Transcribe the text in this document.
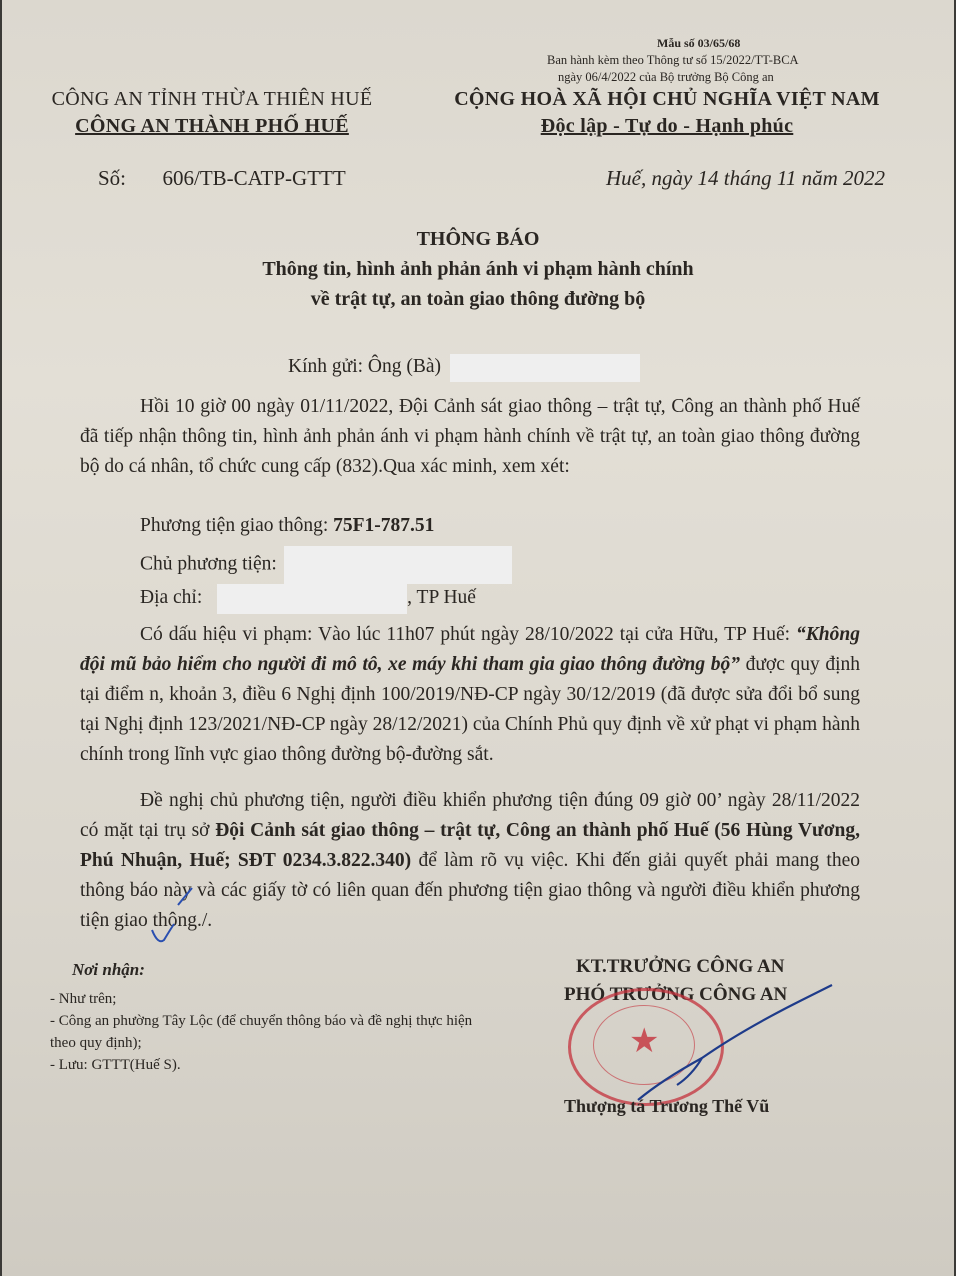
Mẫu số 03/65/68
Ban hành kèm theo Thông tư số 15/2022/TT-BCA
ngày 06/4/2022 của Bộ trưởng Bộ Công an
CÔNG AN TỈNH THỪA THIÊN HUẾ
CÔNG AN THÀNH PHỐ HUẾ
CỘNG HOÀ XÃ HỘI CHỦ NGHĨA VIỆT NAM
Độc lập - Tự do - Hạnh phúc
Số: 606/TB-CATP-GTTT	Huế, ngày 14 tháng 11 năm 2022
THÔNG BÁO
Thông tin, hình ảnh phản ánh vi phạm hành chính
về trật tự, an toàn giao thông đường bộ
Kính gửi: Ông (Bà)
Hồi 10 giờ 00 ngày 01/11/2022, Đội Cảnh sát giao thông – trật tự, Công an thành phố Huế đã tiếp nhận thông tin, hình ảnh phản ánh vi phạm hành chính về trật tự, an toàn giao thông đường bộ do cá nhân, tổ chức cung cấp (832).Qua xác minh, xem xét:
Phương tiện giao thông: 75F1-787.51
Chủ phương tiện:
Địa chỉ:	, TP Huế
Có dấu hiệu vi phạm: Vào lúc 11h07 phút ngày 28/10/2022 tại cửa Hữu, TP Huế: “Không đội mũ bảo hiểm cho người đi mô tô, xe máy khi tham gia giao thông đường bộ” được quy định tại điểm n, khoản 3, điều 6 Nghị định 100/2019/NĐ-CP ngày 30/12/2019 (đã được sửa đổi bổ sung tại Nghị định 123/2021/NĐ-CP ngày 28/12/2021) của Chính Phủ quy định về xử phạt vi phạm hành chính trong lĩnh vực giao thông đường bộ-đường sắt.
Đề nghị chủ phương tiện, người điều khiển phương tiện đúng 09 giờ 00’ ngày 28/11/2022 có mặt tại trụ sở Đội Cảnh sát giao thông – trật tự, Công an thành phố Huế (56 Hùng Vương, Phú Nhuận, Huế; SĐT 0234.3.822.340) để làm rõ vụ việc. Khi đến giải quyết phải mang theo thông báo này và các giấy tờ có liên quan đến phương tiện giao thông và người điều khiển phương tiện giao thông./.
Nơi nhận:
- Như trên;
- Công an phường Tây Lộc (để chuyển thông báo và đề nghị thực hiện theo quy định);
- Lưu: GTTT(Huế S).
KT.TRƯỞNG CÔNG AN
PHÓ TRƯỞNG CÔNG AN
★
Thượng tá Trương Thế Vũ
